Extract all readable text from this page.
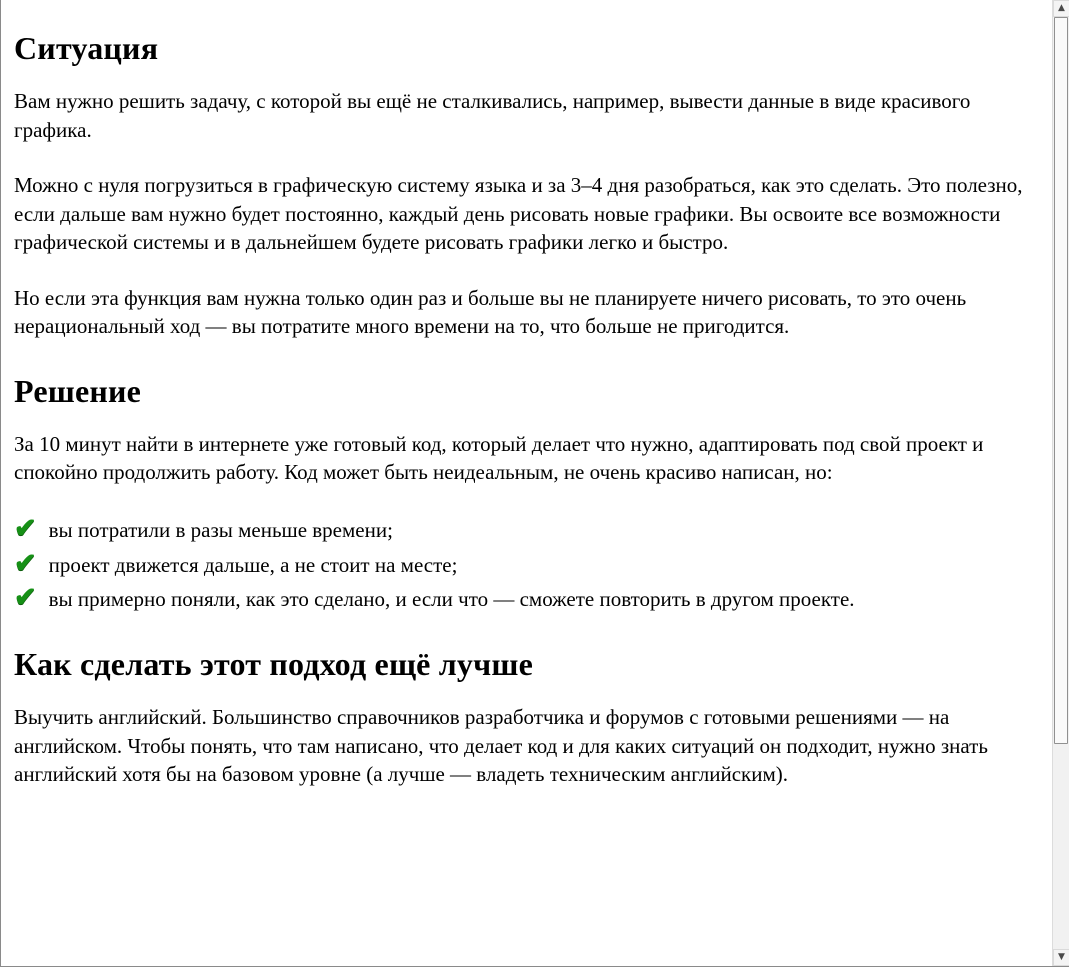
Ситуация

Вам нужно решить задачу, с которой вы ещё не сталкивались, например, вывести данные в виде красивого графика.

Можно с нуля погрузиться в графическую систему языка и за 3–4 дня разобраться, как это сделать. Это полезно, если дальше вам нужно будет постоянно, каждый день рисовать новые графики. Вы освоите все возможности графической системы и в дальнейшем будете рисовать графики легко и быстро.

Но если эта функция вам нужна только один раз и больше вы не планируете ничего рисовать, то это очень нерациональный ход — вы потратите много времени на то, что больше не пригодится.

Решение

За 10 минут найти в интернете уже готовый код, который делает что нужно, адаптировать под свой проект и спокойно продолжить работу. Код может быть неидеальным, не очень красиво написан, но:

✔ вы потратили в разы меньше времени;
✔ проект движется дальше, а не стоит на месте;
✔ вы примерно поняли, как это сделано, и если что — сможете повторить в другом проекте.
Как сделать этот подход ещё лучше

Выучить английский. Большинство справочников разработчика и форумов с готовыми решениями — на английском. Чтобы понять, что там написано, что делает код и для каких ситуаций он подходит, нужно знать английский хотя бы на базовом уровне (а лучше — владеть техническим английским).

▲
▼
